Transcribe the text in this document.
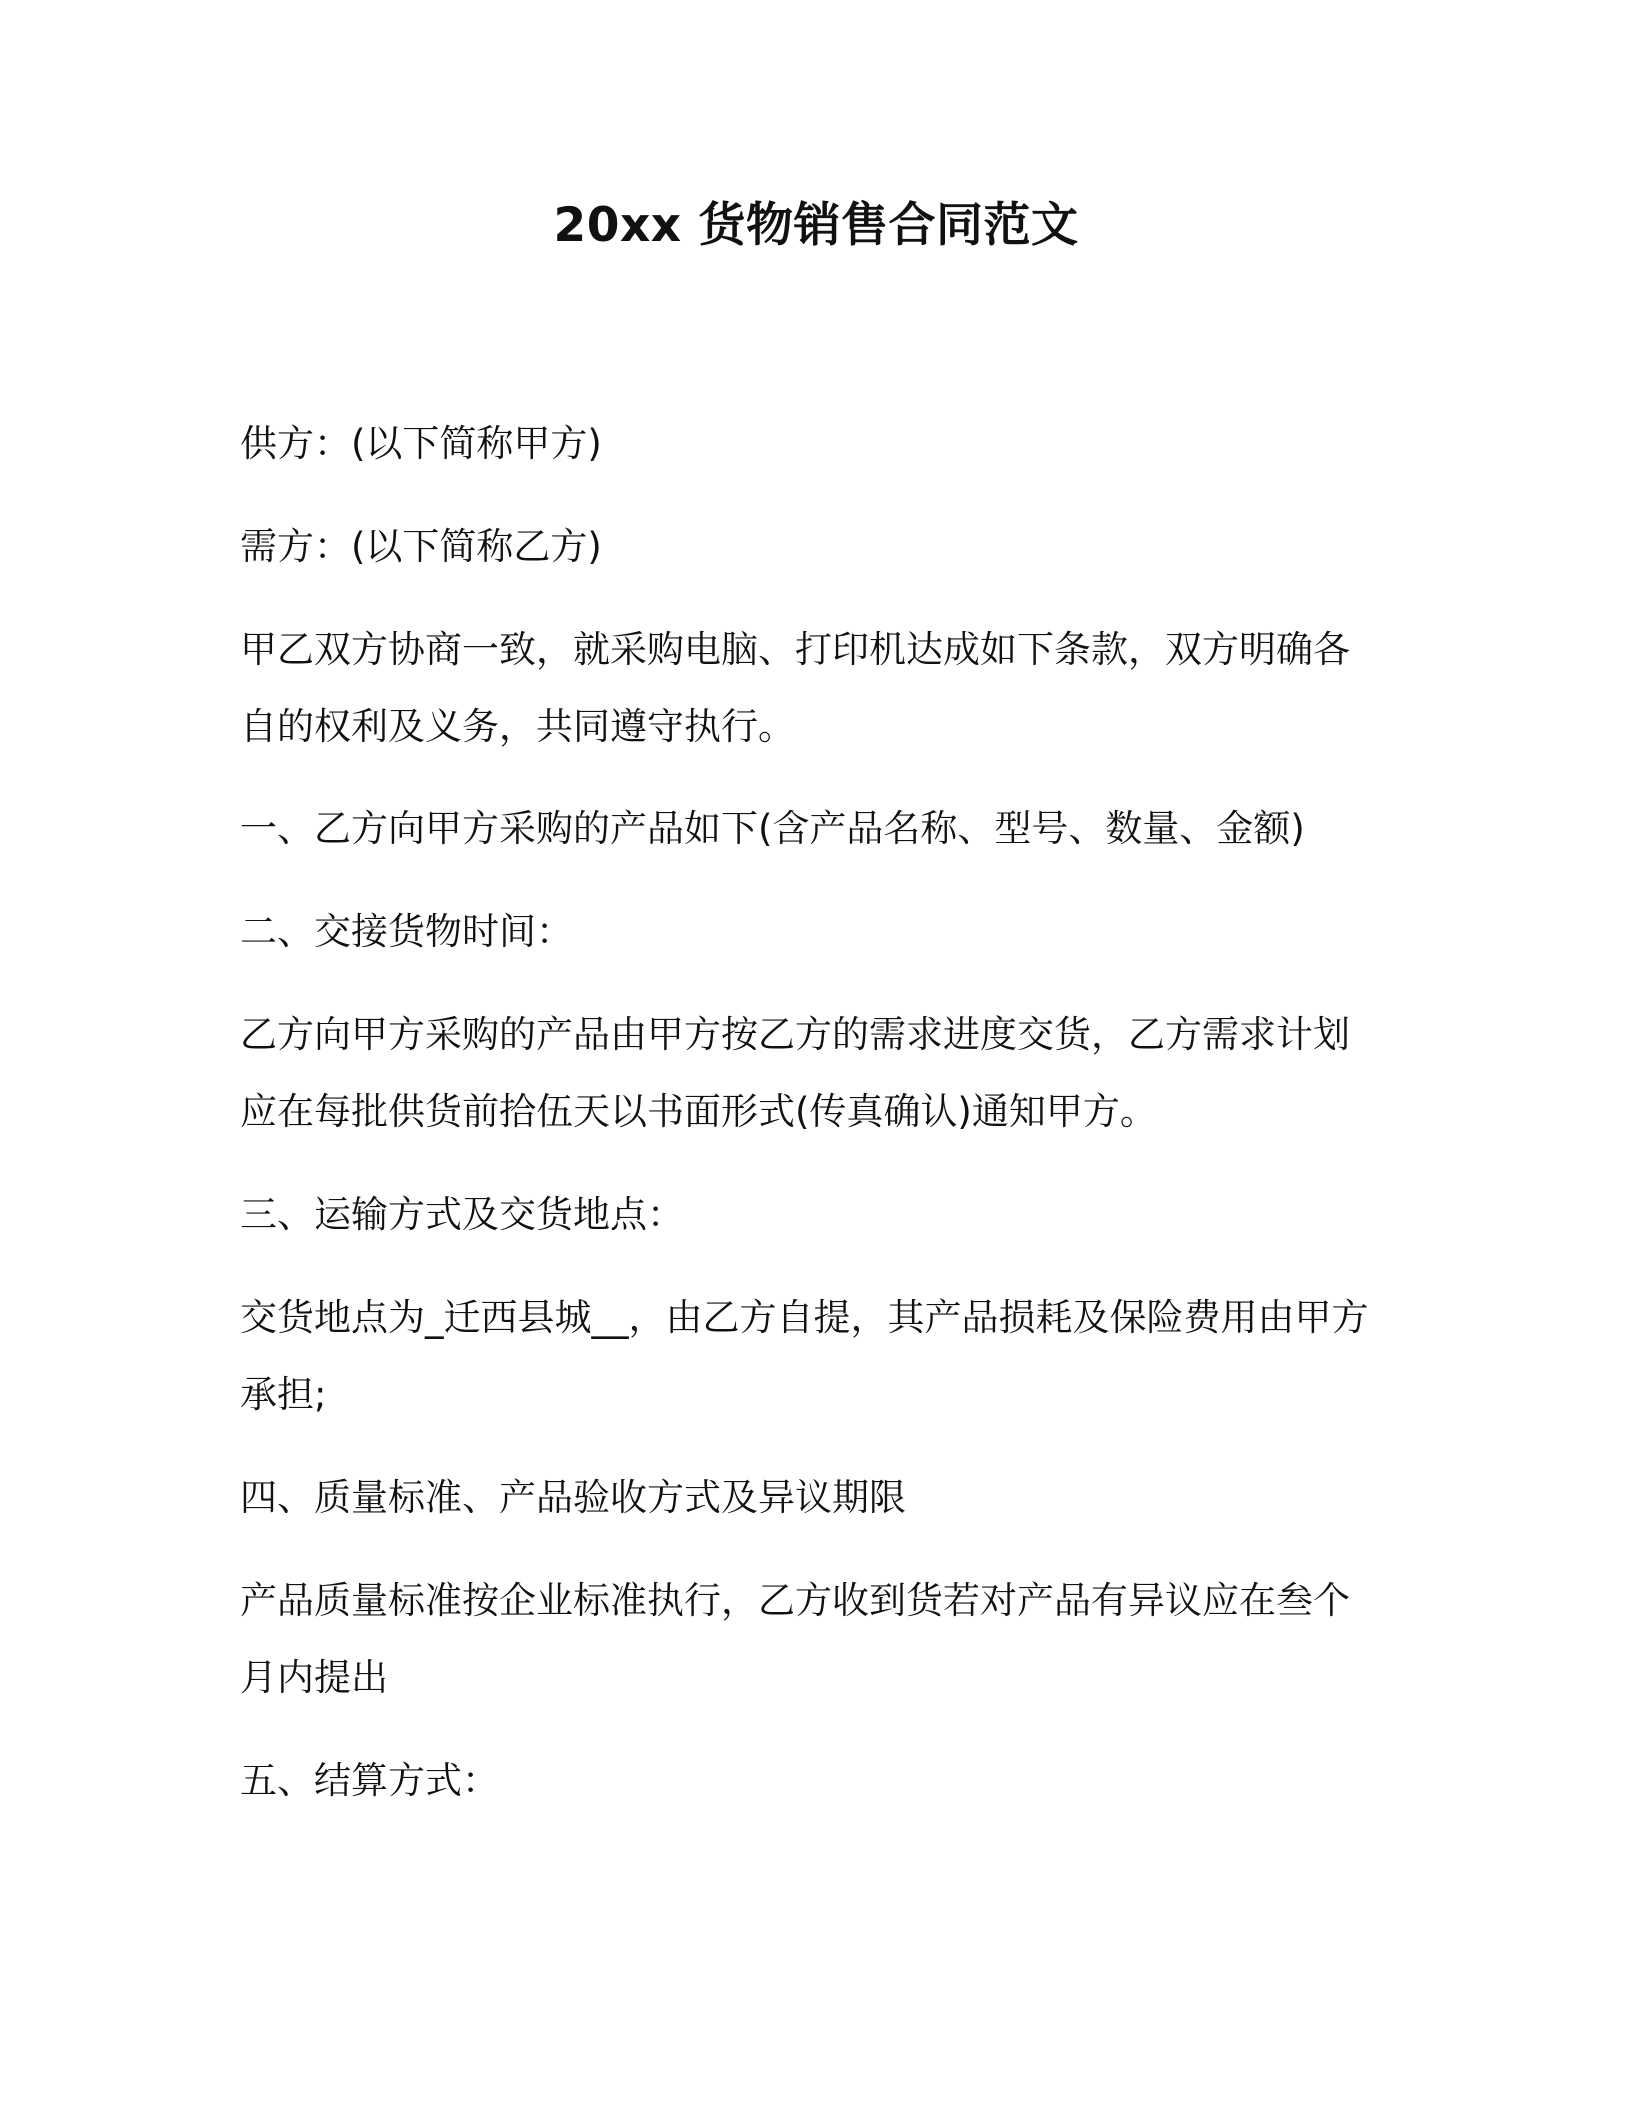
20xx 货物销售合同范文

供方：(以下简称甲方)

需方：(以下简称乙方)

甲乙双方协商一致，就采购电脑、打印机达成如下条款，双方明确各

自的权利及义务，共同遵守执行。

一、乙方向甲方采购的产品如下(含产品名称、型号、数量、金额)

二、交接货物时间：

乙方向甲方采购的产品由甲方按乙方的需求进度交货，乙方需求计划

应在每批供货前拾伍天以书面形式(传真确认)通知甲方。

三、运输方式及交货地点：

交货地点为_迁西县城__，由乙方自提，其产品损耗及保险费用由甲方

承担;

四、质量标准、产品验收方式及异议期限

产品质量标准按企业标准执行，乙方收到货若对产品有异议应在叁个

月内提出

五、结算方式：
